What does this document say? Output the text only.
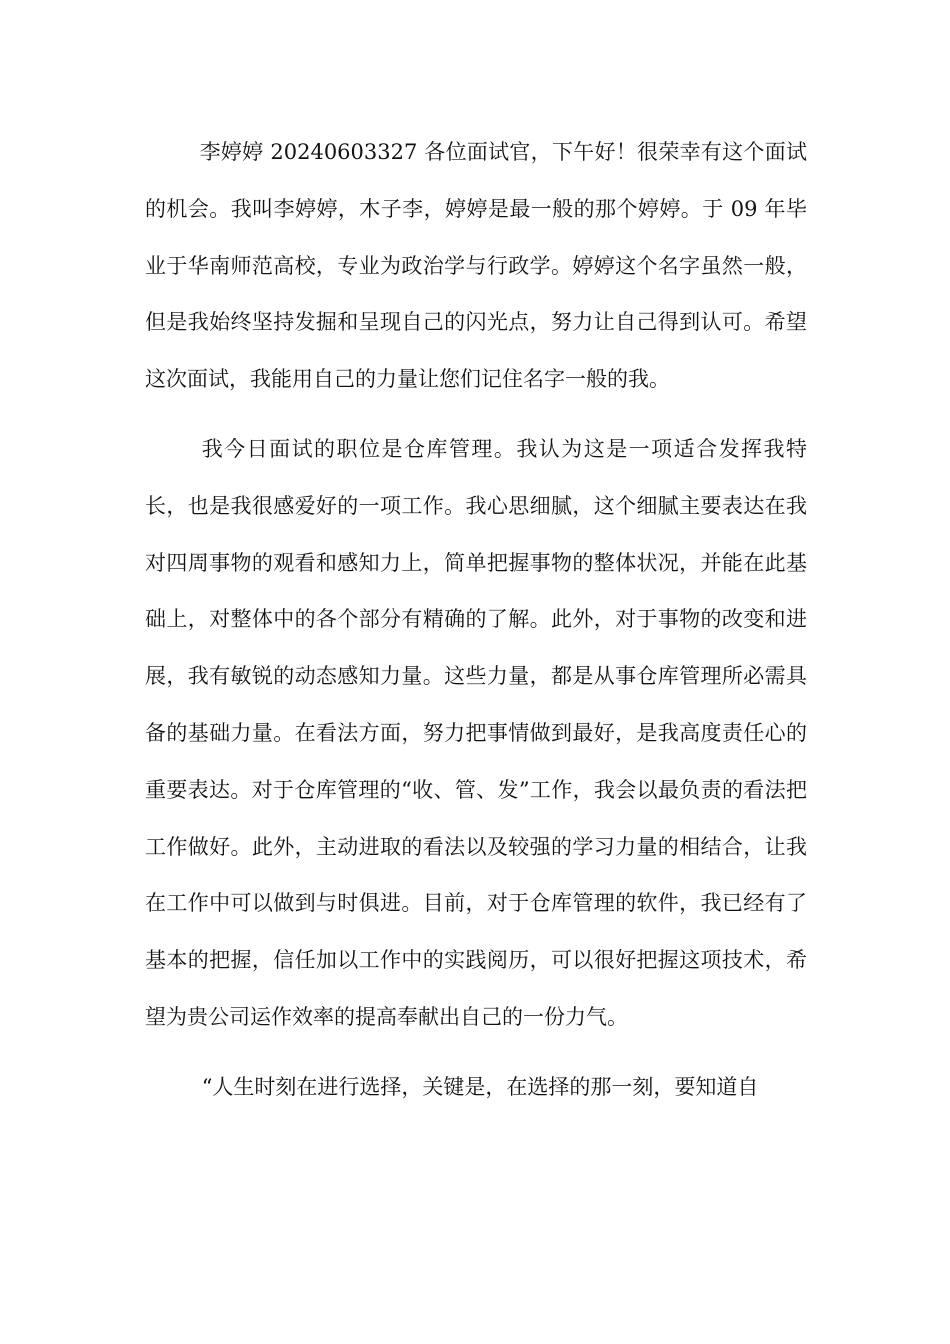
李婷婷 20240603327 各位面试官，下午好！很荣幸有这个面试的机会。我叫李婷婷，木子李，婷婷是最一般的那个婷婷。于 09 年毕业于华南师范高校，专业为政治学与行政学。婷婷这个名字虽然一般，但是我始终坚持发掘和呈现自己的闪光点，努力让自己得到认可。希望这次面试，我能用自己的力量让您们记住名字一般的我。

我今日面试的职位是仓库管理。我认为这是一项适合发挥我特长，也是我很感爱好的一项工作。我心思细腻，这个细腻主要表达在我对四周事物的观看和感知力上，简单把握事物的整体状况，并能在此基础上，对整体中的各个部分有精确的了解。此外，对于事物的改变和进展，我有敏锐的动态感知力量。这些力量，都是从事仓库管理所必需具备的基础力量。在看法方面，努力把事情做到最好，是我高度责任心的重要表达。对于仓库管理的“收、管、发”工作，我会以最负责的看法把工作做好。此外，主动进取的看法以及较强的学习力量的相结合，让我在工作中可以做到与时俱进。目前，对于仓库管理的软件，我已经有了基本的把握，信任加以工作中的实践阅历，可以很好把握这项技术，希望为贵公司运作效率的提高奉献出自己的一份力气。

“人生时刻在进行选择，关键是，在选择的那一刻，要知道自
